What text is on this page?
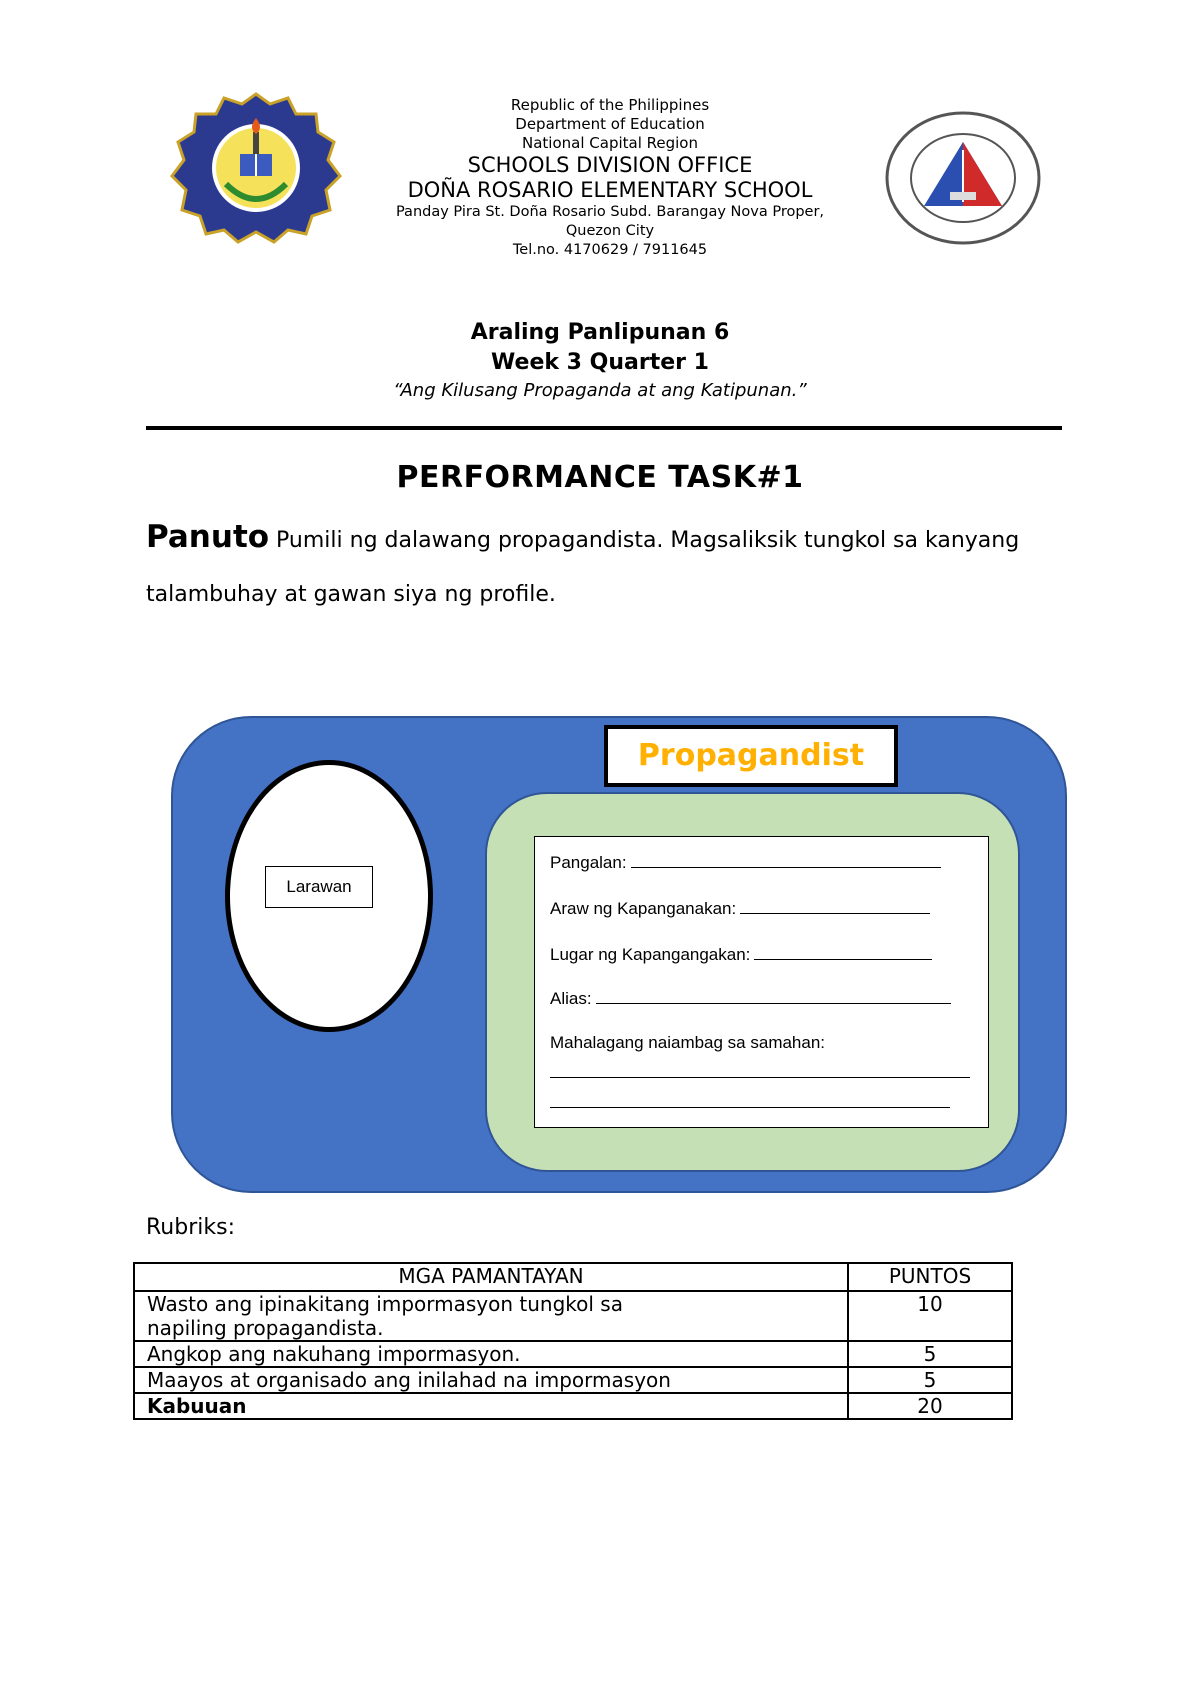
Republic of the Philippines
Department of Education
National Capital Region
SCHOOLS DIVISION OFFICE
DOÑA ROSARIO ELEMENTARY SCHOOL
Panday Pira St. Doña Rosario Subd. Barangay Nova Proper,
Quezon City
Tel.no. 4170629 / 7911645
Araling Panlipunan 6
Week 3 Quarter 1
“Ang Kilusang Propaganda at ang Katipunan.”
PERFORMANCE TASK#1

Panuto Pumili ng dalawang propagandista. Magsaliksik tungkol sa kanyang

talambuhay at gawan siya ng profile.

Larawan
Propagandist
Pangalan:
Araw ng Kapanganakan:
Lugar ng Kapangangakan:
Alias:
Mahalagang naiambag sa samahan:
Rubriks:
MGA PAMANTAYAN	PUNTOS
Wasto ang ipinakitang impormasyon tungkol sa napiling propagandista.	10
Angkop ang nakuhang impormasyon.	5
Maayos at organisado ang inilahad na impormasyon	5
Kabuuan	20
